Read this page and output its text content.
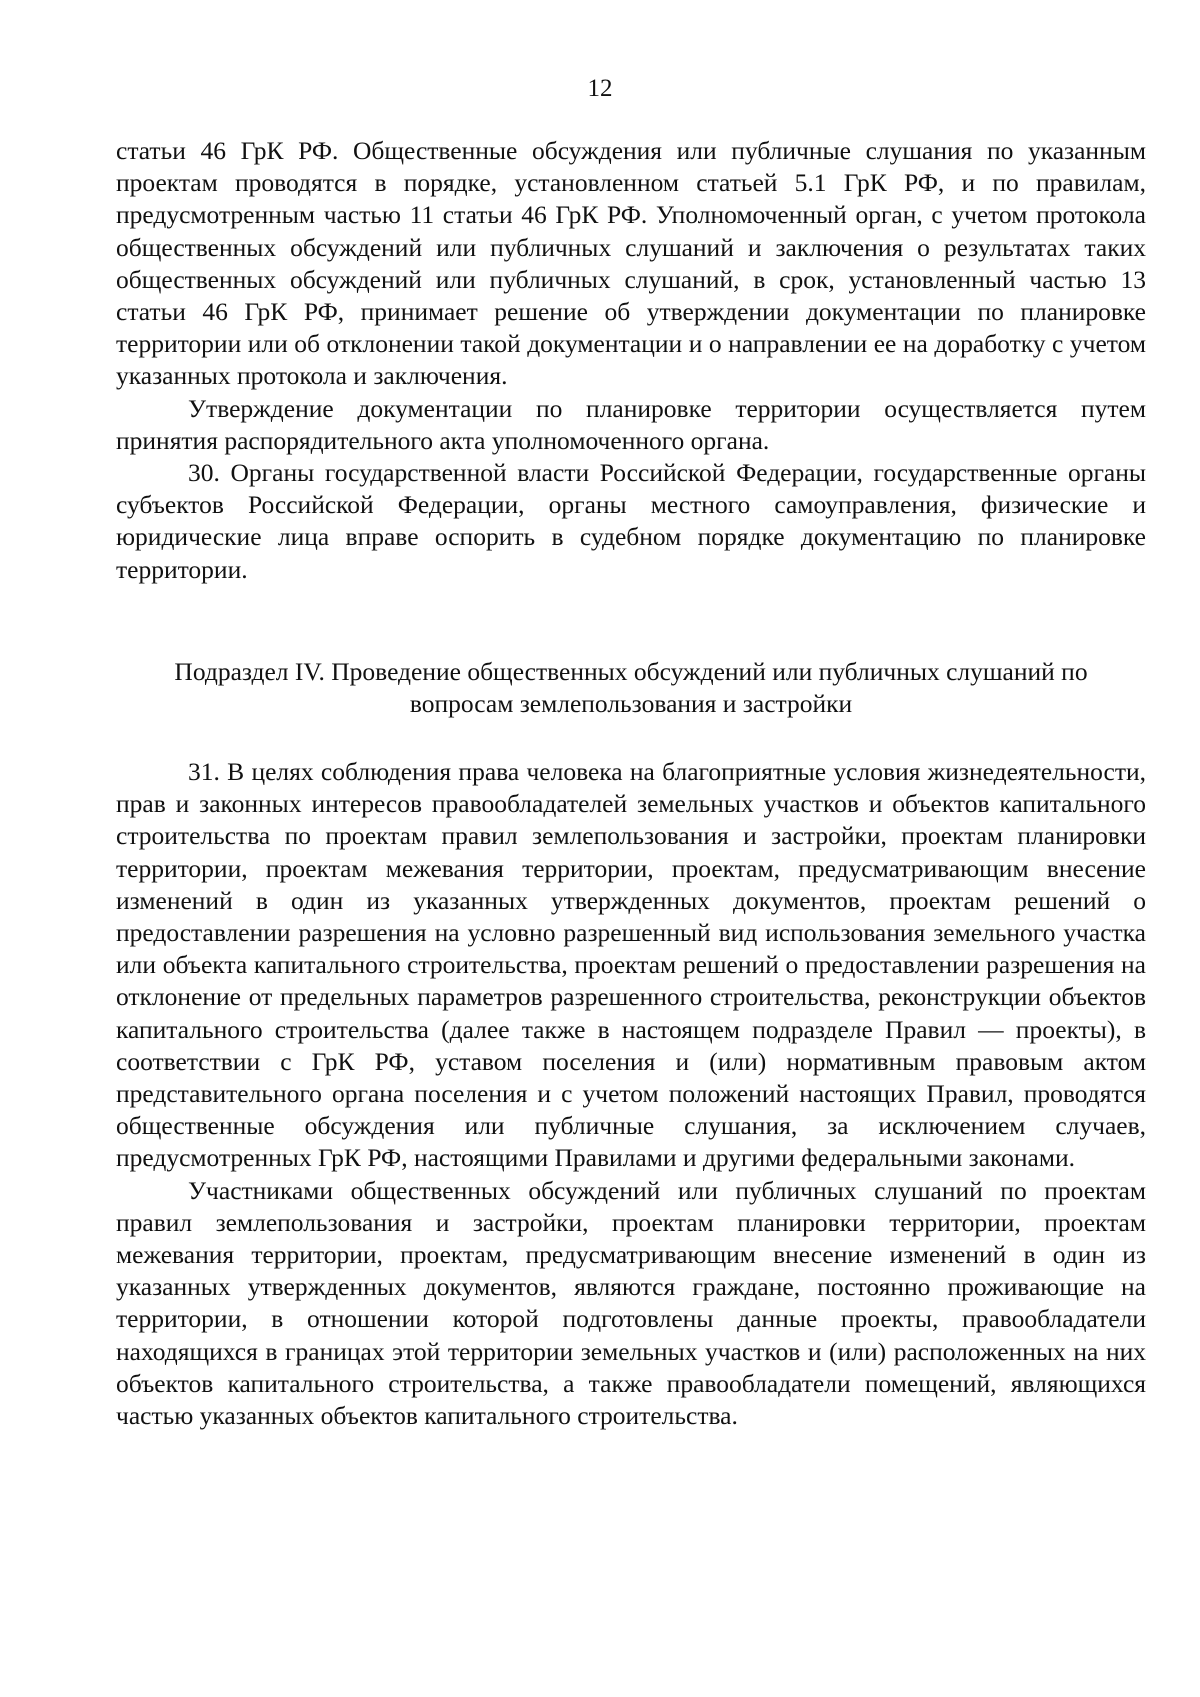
12

статьи 46 ГрК РФ. Общественные обсуждения или публичные слушания по указанным проектам проводятся в порядке, установленном статьей 5.1 ГрК РФ, и по правилам, предусмотренным частью 11 статьи 46 ГрК РФ. Уполномоченный орган, с учетом протокола общественных обсуждений или публичных слушаний и заключения о результатах таких общественных обсуждений или публичных слушаний, в срок, установленный частью 13 статьи 46 ГрК РФ, принимает решение об утверждении документации по планировке территории или об отклонении такой документации и о направлении ее на доработку с учетом указанных протокола и заключения.

Утверждение документации по планировке территории осуществляется путем принятия распорядительного акта уполномоченного органа.

30. Органы государственной власти Российской Федерации, государственные органы субъектов Российской Федерации, органы местного самоуправления, физические и юридические лица вправе оспорить в судебном порядке документацию по планировке территории.

Подраздел IV. Проведение общественных обсуждений или публичных слушаний по

вопросам землепользования и застройки

31. В целях соблюдения права человека на благоприятные условия жизнедеятельности, прав и законных интересов правообладателей земельных участков и объектов капитального строительства по проектам правил землепользования и застройки, проектам планировки территории, проектам межевания территории, проектам, предусматривающим внесение изменений в один из указанных утвержденных документов, проектам решений о предоставлении разрешения на условно разрешенный вид использования земельного участка или объекта капитального строительства, проектам решений о предоставлении разрешения на отклонение от предельных параметров разрешенного строительства, реконструкции объектов капитального строительства (далее также в настоящем подразделе Правил — проекты), в соответствии с ГрК РФ, уставом поселения и (или) нормативным правовым актом представительного органа поселения и с учетом положений настоящих Правил, проводятся общественные обсуждения или публичные слушания, за исключением случаев, предусмотренных ГрК РФ, настоящими Правилами и другими федеральными законами.

Участниками общественных обсуждений или публичных слушаний по проектам правил землепользования и застройки, проектам планировки территории, проектам межевания территории, проектам, предусматривающим внесение изменений в один из указанных утвержденных документов, являются граждане, постоянно проживающие на территории, в отношении которой подготовлены данные проекты, правообладатели находящихся в границах этой территории земельных участков и (или) расположенных на них объектов капитального строительства, а также правообладатели помещений, являющихся частью указанных объектов капитального строительства.
